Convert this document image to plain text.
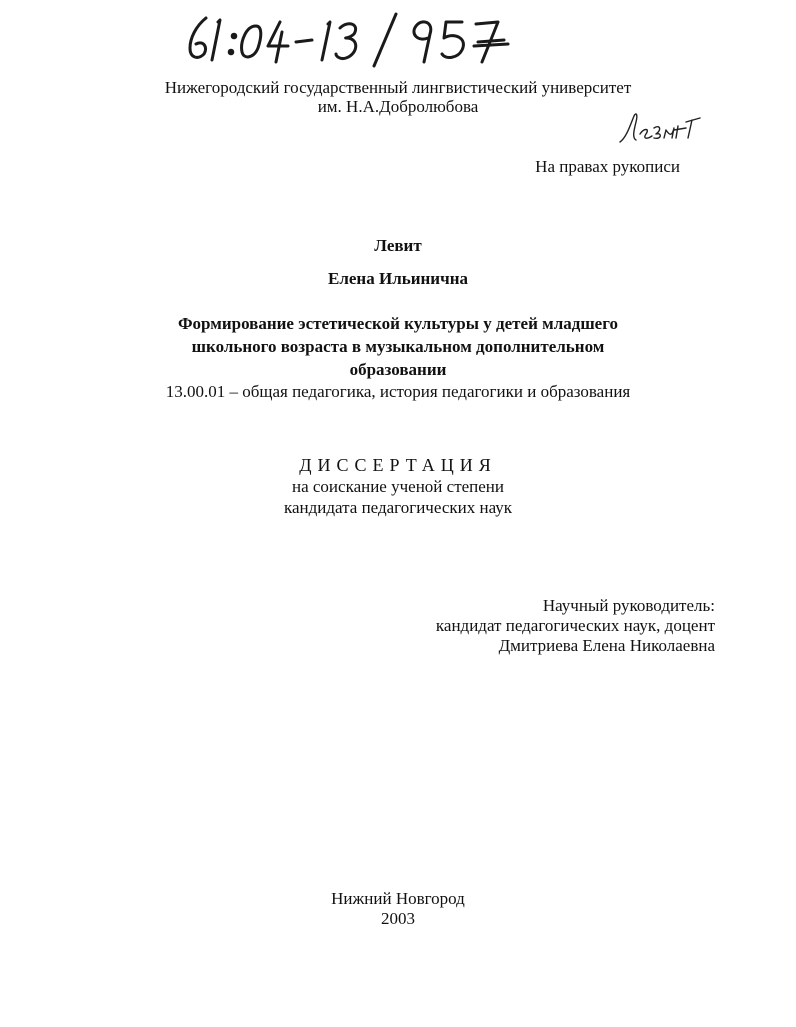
Нижегородский государственный лингвистический университет
им. Н.А.Добролюбова
На правах рукописи
Левит
Елена Ильинична
Формирование эстетической культуры у детей младшего
школьного возраста в музыкальном дополнительном
образовании
13.00.01 – общая педагогика, история педагогики и образования
ДИССЕРТАЦИЯ
на соискание ученой степени
кандидата педагогических наук
Научный руководитель:
кандидат педагогических наук, доцент
Дмитриева Елена Николаевна
Нижний Новгород
2003
